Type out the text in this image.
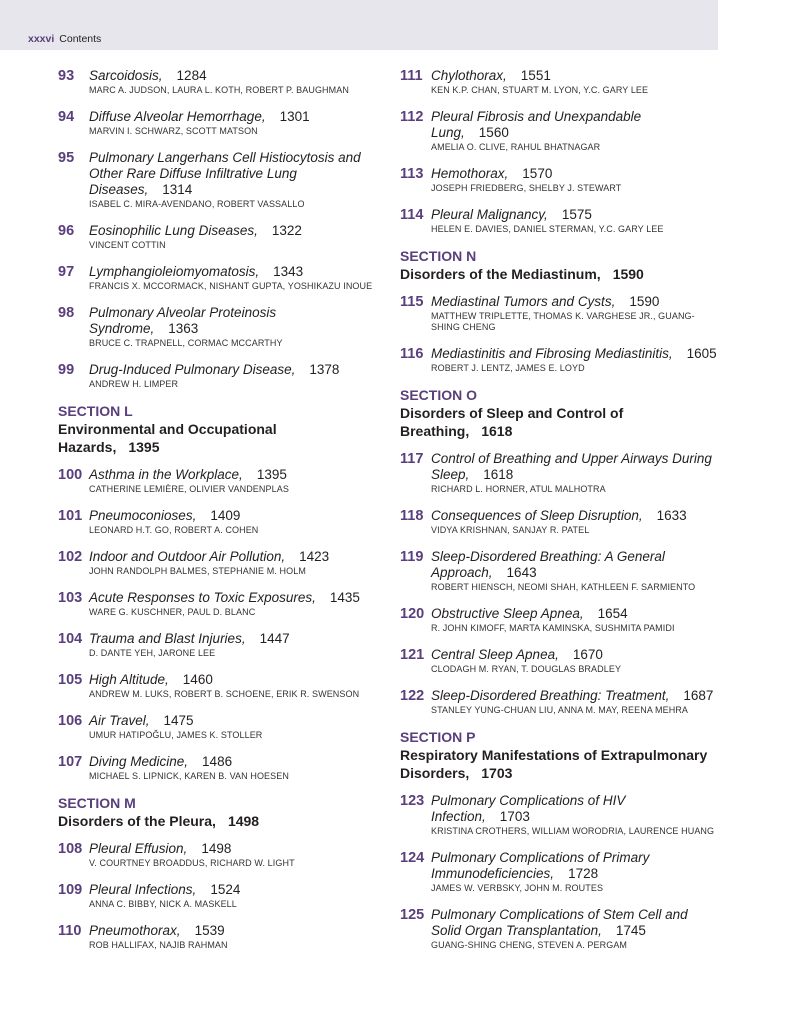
xxxvi Contents
93 Sarcoidosis, 1284
MARC A. JUDSON, LAURA L. KOTH, ROBERT P. BAUGHMAN
94 Diffuse Alveolar Hemorrhage, 1301
MARVIN I. SCHWARZ, SCOTT MATSON
95 Pulmonary Langerhans Cell Histiocytosis and Other Rare Diffuse Infiltrative Lung Diseases, 1314
ISABEL C. MIRA-AVENDANO, ROBERT VASSALLO
96 Eosinophilic Lung Diseases, 1322
VINCENT COTTIN
97 Lymphangioleiomyomatosis, 1343
FRANCIS X. MCCORMACK, NISHANT GUPTA, YOSHIKAZU INOUE
98 Pulmonary Alveolar Proteinosis Syndrome, 1363
BRUCE C. TRAPNELL, CORMAC MCCARTHY
99 Drug-Induced Pulmonary Disease, 1378
ANDREW H. LIMPER
SECTION L
Environmental and Occupational Hazards, 1395
100 Asthma in the Workplace, 1395
CATHERINE LEMIÈRE, OLIVIER VANDENPLAS
101 Pneumoconioses, 1409
LEONARD H.T. GO, ROBERT A. COHEN
102 Indoor and Outdoor Air Pollution, 1423
JOHN RANDOLPH BALMES, STEPHANIE M. HOLM
103 Acute Responses to Toxic Exposures, 1435
WARE G. KUSCHNER, PAUL D. BLANC
104 Trauma and Blast Injuries, 1447
D. DANTE YEH, JARONE LEE
105 High Altitude, 1460
ANDREW M. LUKS, ROBERT B. SCHOENE, ERIK R. SWENSON
106 Air Travel, 1475
UMUR HATIPOĞLU, JAMES K. STOLLER
107 Diving Medicine, 1486
MICHAEL S. LIPNICK, KAREN B. VAN HOESEN
SECTION M
Disorders of the Pleura, 1498
108 Pleural Effusion, 1498
V. COURTNEY BROADDUS, RICHARD W. LIGHT
109 Pleural Infections, 1524
ANNA C. BIBBY, NICK A. MASKELL
110 Pneumothorax, 1539
ROB HALLIFAX, NAJIB RAHMAN
111 Chylothorax, 1551
KEN K.P. CHAN, STUART M. LYON, Y.C. GARY LEE
112 Pleural Fibrosis and Unexpandable Lung, 1560
AMELIA O. CLIVE, RAHUL BHATNAGAR
113 Hemothorax, 1570
JOSEPH FRIEDBERG, SHELBY J. STEWART
114 Pleural Malignancy, 1575
HELEN E. DAVIES, DANIEL STERMAN, Y.C. GARY LEE
SECTION N
Disorders of the Mediastinum, 1590
115 Mediastinal Tumors and Cysts, 1590
MATTHEW TRIPLETTE, THOMAS K. VARGHESE JR., GUANG-SHING CHENG
116 Mediastinitis and Fibrosing Mediastinitis, 1605
ROBERT J. LENTZ, JAMES E. LOYD
SECTION O
Disorders of Sleep and Control of Breathing, 1618
117 Control of Breathing and Upper Airways During Sleep, 1618
RICHARD L. HORNER, ATUL MALHOTRA
118 Consequences of Sleep Disruption, 1633
VIDYA KRISHNAN, SANJAY R. PATEL
119 Sleep-Disordered Breathing: A General Approach, 1643
ROBERT HIENSCH, NEOMI SHAH, KATHLEEN F. SARMIENTO
120 Obstructive Sleep Apnea, 1654
R. JOHN KIMOFF, MARTA KAMINSKA, SUSHMITA PAMIDI
121 Central Sleep Apnea, 1670
CLODAGH M. RYAN, T. DOUGLAS BRADLEY
122 Sleep-Disordered Breathing: Treatment, 1687
STANLEY YUNG-CHUAN LIU, ANNA M. MAY, REENA MEHRA
SECTION P
Respiratory Manifestations of Extrapulmonary Disorders, 1703
123 Pulmonary Complications of HIV Infection, 1703
KRISTINA CROTHERS, WILLIAM WORODRIA, LAURENCE HUANG
124 Pulmonary Complications of Primary Immunodeficiencies, 1728
JAMES W. VERBSKY, JOHN M. ROUTES
125 Pulmonary Complications of Stem Cell and Solid Organ Transplantation, 1745
GUANG-SHING CHENG, STEVEN A. PERGAM
